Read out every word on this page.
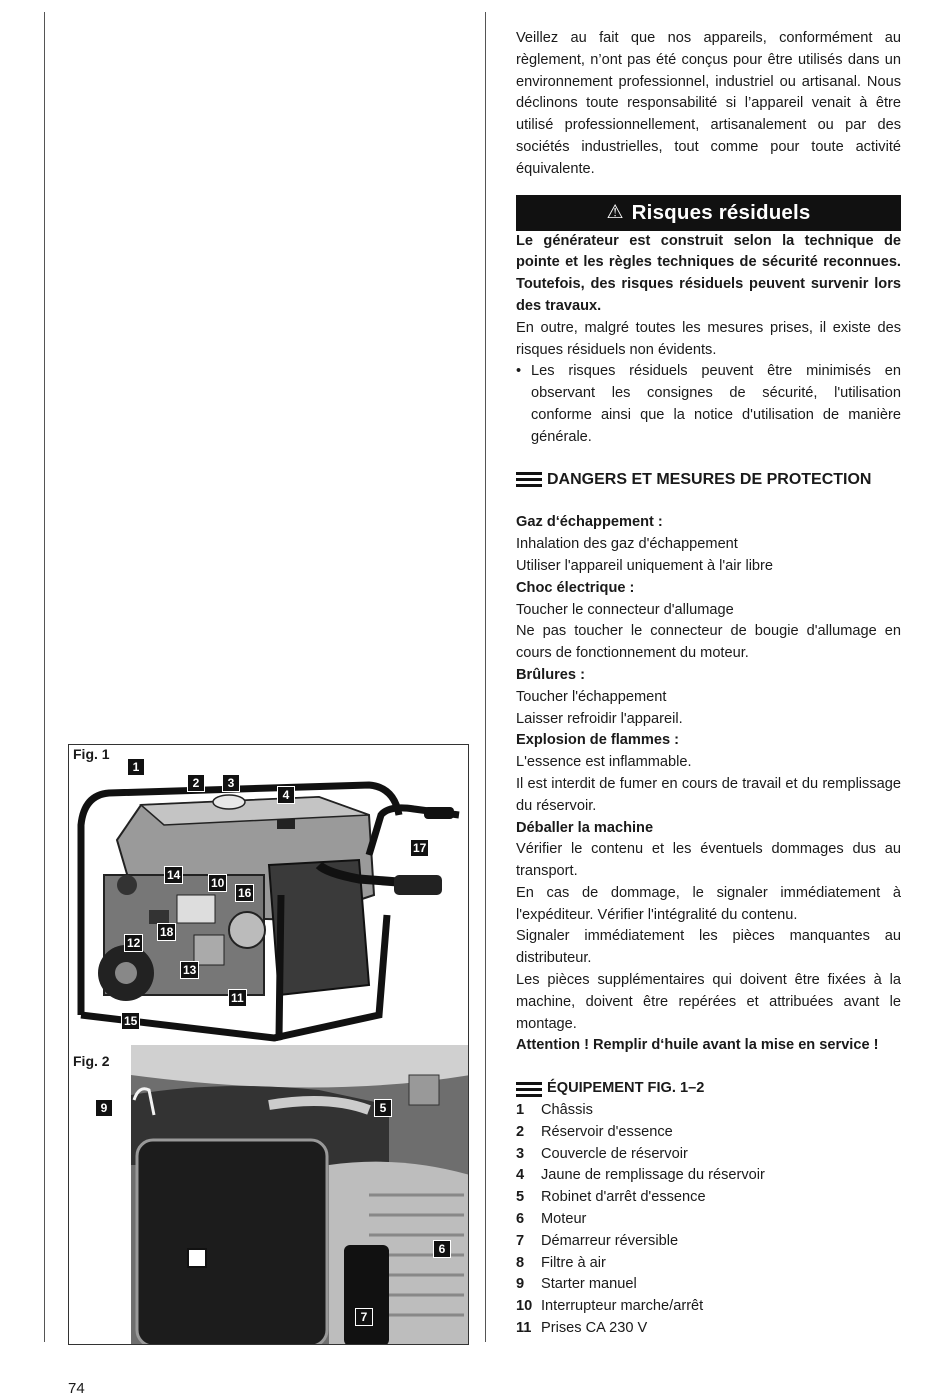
Fig. 1
Fig. 2
1
2	3
4
17
14
10
16
12
18
13
11
15
9	5
6
7

Veillez au fait que nos appareils, conformément au règlement, n’ont pas été conçus pour être utilisés dans un environnement professionnel, industriel ou artisanal. Nous déclinons toute responsabilité si l’appareil venait à être utilisé professionnellement, artisanalement ou par des sociétés industrielles, tout comme pour toute activité équivalente.

⚠ Risques résiduels

Le générateur est construit selon la technique de pointe et les règles techniques de sécurité reconnues. Toutefois, des risques résiduels peuvent survenir lors des travaux.

En outre, malgré toutes les mesures prises, il existe des risques résiduels non évidents.

• Les risques résiduels peuvent être minimisés en observant les consignes de sécurité, l'utilisation conforme ainsi que la notice d'utilisation de manière générale.
DANGERS ET MESURES DE PROTECTION

Gaz d‘échappement :

Inhalation des gaz d'échappement

Utiliser l'appareil uniquement à l'air libre

Choc électrique :

Toucher le connecteur d'allumage

Ne pas toucher le connecteur de bougie d'allumage en cours de fonctionnement du moteur.

Brûlures :

Toucher l'échappement

Laisser refroidir l'appareil.

Explosion de flammes :

L'essence est inflammable.

Il est interdit de fumer en cours de travail et du remplissage du réservoir.

Déballer la machine

Vérifier le contenu et les éventuels dommages dus au transport.

En cas de dommage, le signaler immédiatement à l'expéditeur. Vérifier l'intégralité du contenu.

Signaler immédiatement les pièces manquantes au distributeur.

Les pièces supplémentaires qui doivent être fixées à la machine, doivent être repérées et attribuées avant le montage.

Attention ! Remplir d‘huile avant la mise en service !

ÉQUIPEMENT FIG. 1–2
1	Châssis
2	Réservoir d'essence
3	Couvercle de réservoir
4	Jaune de remplissage du réservoir
5	Robinet d'arrêt d'essence
6	Moteur
7	Démarreur réversible
8	Filtre à air
9	Starter manuel
10 Interrupteur marche/arrêt
11 Prises CA 230 V
74
